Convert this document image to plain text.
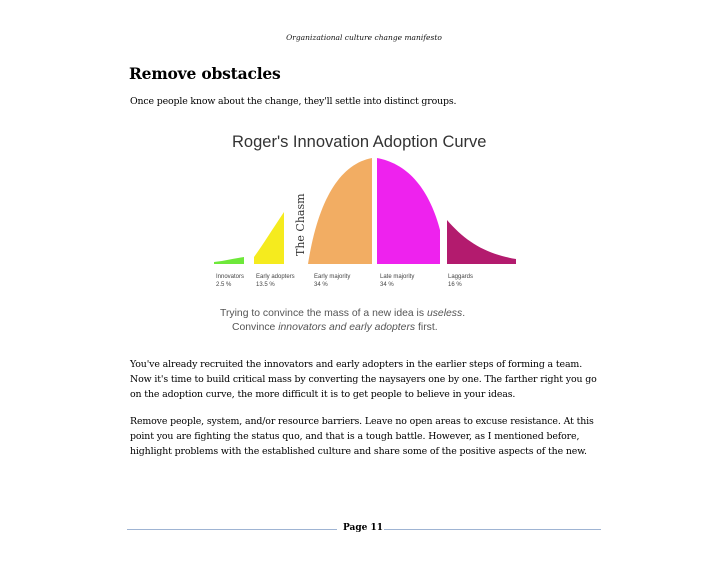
Organizational culture change manifesto
Remove obstacles
Once people know about the change, they'll settle into distinct groups.
Roger's Innovation Adoption Curve
The Chasm
Innovators
2.5 %
Early adopters
13.5 %
Early majority
34 %
Late majority
34 %
Laggards
16 %
Trying to convince the mass of a new idea is useless.
Convince innovators and early adopters first.

You've already recruited the innovators and early adopters in the earlier steps of forming a team. Now it's time to build critical mass by converting the naysayers one by one. The farther right you go on the adoption curve, the more difficult it is to get people to believe in your ideas.

Remove people, system, and/or resource barriers. Leave no open areas to excuse resistance. At this point you are fighting the status quo, and that is a tough battle. However, as I mentioned before, highlight problems with the established culture and share some of the positive aspects of the new.

Page 11
